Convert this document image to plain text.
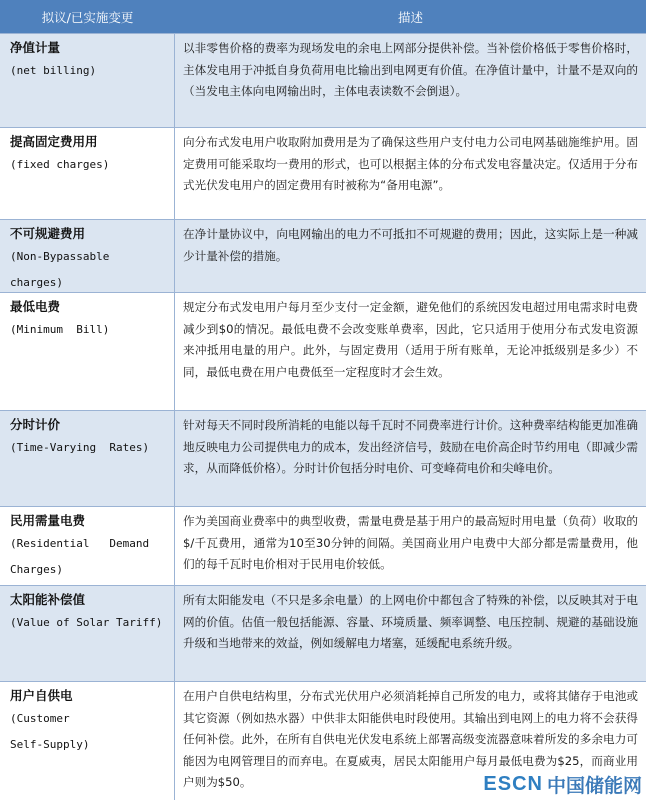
拟议/已实施变更	描述
净值计量
(net billing)
以非零售价格的费率为现场发电的余电上网部分提供补偿。当补偿价格低于零售价格时，主体发电用于冲抵自身负荷用电比输出到电网更有价值。在净值计量中，计量不是双向的（当发电主体向电网输出时，主体电表读数不会倒退）。
提高固定费用用
(fixed charges)
向分布式发电用户收取附加费用是为了确保这些用户支付电力公司电网基础施维护用。固定费用可能采取均一费用的形式，也可以根据主体的分布式发电容量决定。仅适用于分布式光伏发电用户的固定费用有时被称为“备用电源”。
不可规避费用
(Non-Bypassable  charges)
在净计量协议中，向电网输出的电力不可抵扣不可规避的费用；因此，这实际上是一种减少计量补偿的措施。
最低电费
(Minimum  Bill)
规定分布式发电用户每月至少支付一定金额，避免他们的系统因发电超过用电需求时电费减少到$0的情况。最低电费不会改变账单费率，因此，它只适用于使用分布式发电资源来冲抵用电量的用户。此外，与固定费用（适用于所有账单，无论冲抵级别是多少）不同，最低电费在用户电费低至一定程度时才会生效。
分时计价
(Time-Varying  Rates)
针对每天不同时段所消耗的电能以每千瓦时不同费率进行计价。这种费率结构能更加准确地反映电力公司提供电力的成本，发出经济信号，鼓励在电价高企时节约用电（即减少需求，从而降低价格）。分时计价包括分时电价、可变峰荷电价和尖峰电价。
民用需量电费
(Residential   Demand Charges)
作为美国商业费率中的典型收费，需量电费是基于用户的最高短时用电量（负荷）收取的 $/千瓦费用，通常为10至30分钟的间隔。美国商业用户电费中大部分都是需量费用，他们的每千瓦时电价相对于民用电价较低。
太阳能补偿值
(Value of Solar Tariff)
所有太阳能发电（不只是多余电量）的上网电价中都包含了特殊的补偿，以反映其对于电网的价值。估值一般包括能源、容量、环境质量、频率调整、电压控制、规避的基础设施升级和当地带来的效益，例如缓解电力堵塞，延缓配电系统升级。
用户自供电
(Customer
Self-Supply)
在用户自供电结构里，分布式光伏用户必须消耗掉自己所发的电力，或将其储存于电池或其它资源（例如热水器）中供非太阳能供电时段使用。其输出到电网上的电力将不会获得任何补偿。此外，在所有自供电光伏发电系统上部署高级变流器意味着所发的多余电力可能因为电网管理目的而弃电。在夏威夷，居民太阳能用户每月最低电费为$25，而商业用户则为$50。	ESCN 中国储能网
